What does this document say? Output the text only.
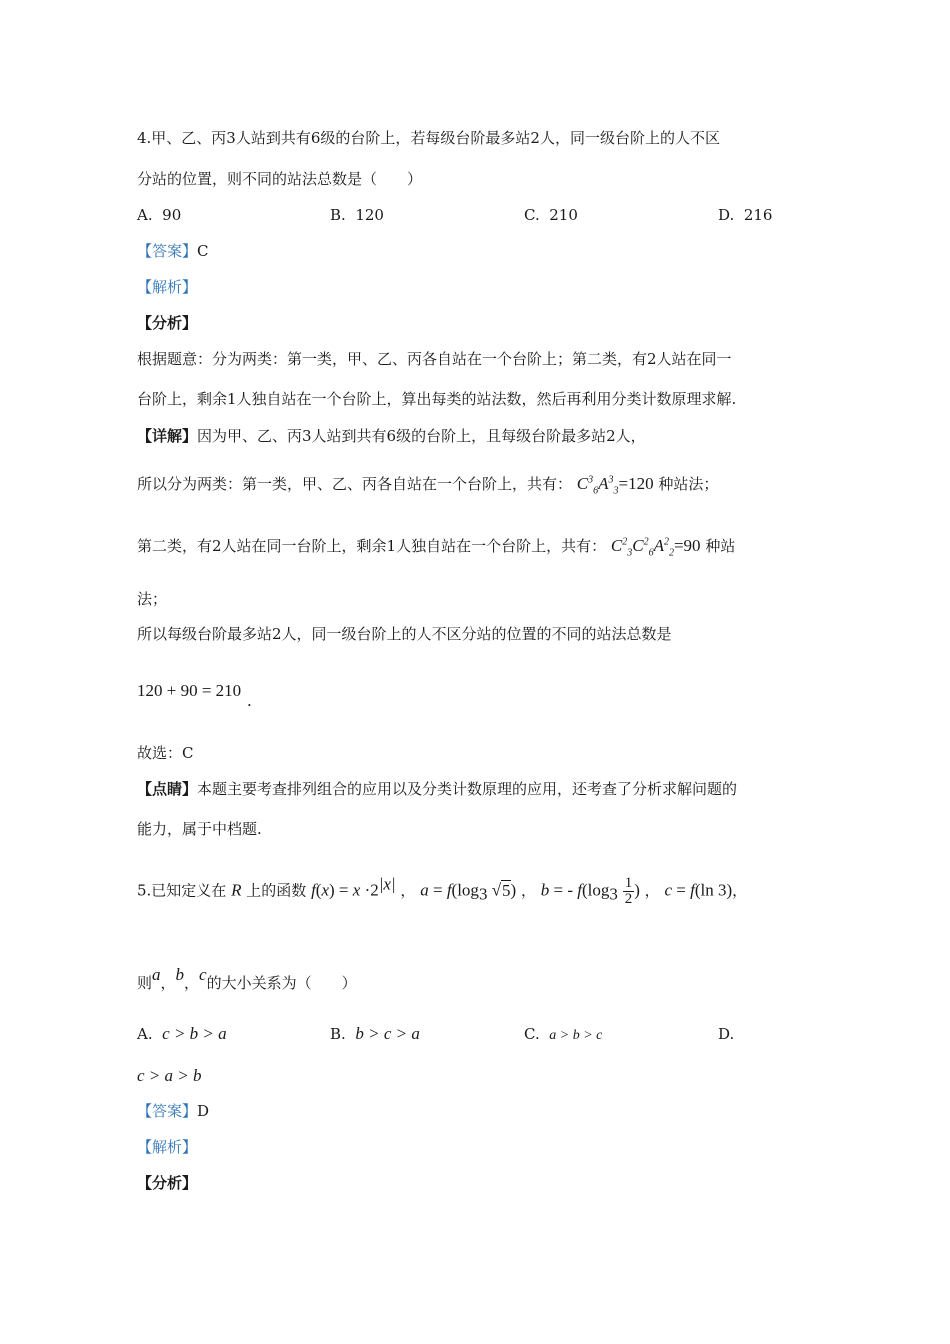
4.甲、乙、丙3人站到共有6级的台阶上，若每级台阶最多站2人，同一级台阶上的人不区
分站的位置，则不同的站法总数是（　　）
A. 90	B. 120	C. 210	D. 216
【答案】C
【解析】
【分析】
根据题意：分为两类：第一类，甲、乙、丙各自站在一个台阶上；第二类，有2人站在同一
台阶上，剩余1人独自站在一个台阶上，算出每类的站法数，然后再利用分类计数原理求解.
【详解】因为甲、乙、丙3人站到共有6级的台阶上，且每级台阶最多站2人，
所以分为两类：第一类，甲、乙、丙各自站在一个台阶上，共有： $C^3_6A^3_3=120$ 种站法；
第二类，有2人站在同一台阶上，剩余1人独自站在一个台阶上，共有： $C^2_3C^2_6A^2_2=90$ 种站
法；
所以每级台阶最多站2人，同一级台阶上的人不区分站的位置的不同的站法总数是
120 + 90 = 210.
故选：C
【点睛】本题主要考查排列组合的应用以及分类计数原理的应用，还考查了分析求解问题的
能力，属于中档题.
5.已知定义在 R 上的函数 $f(x) = x \cdot 2^{|x|}$ ， $a = f(\log_3$ √5) ， b = - $f(\log_3 \frac{1}{2}$ ) ， c = f(ln 3)，
则a，b，c的大小关系为（　　）
A. c > b > a	B. b > c > a	C. a > b > c	D.
c > a > b
【答案】D
【解析】
【分析】
